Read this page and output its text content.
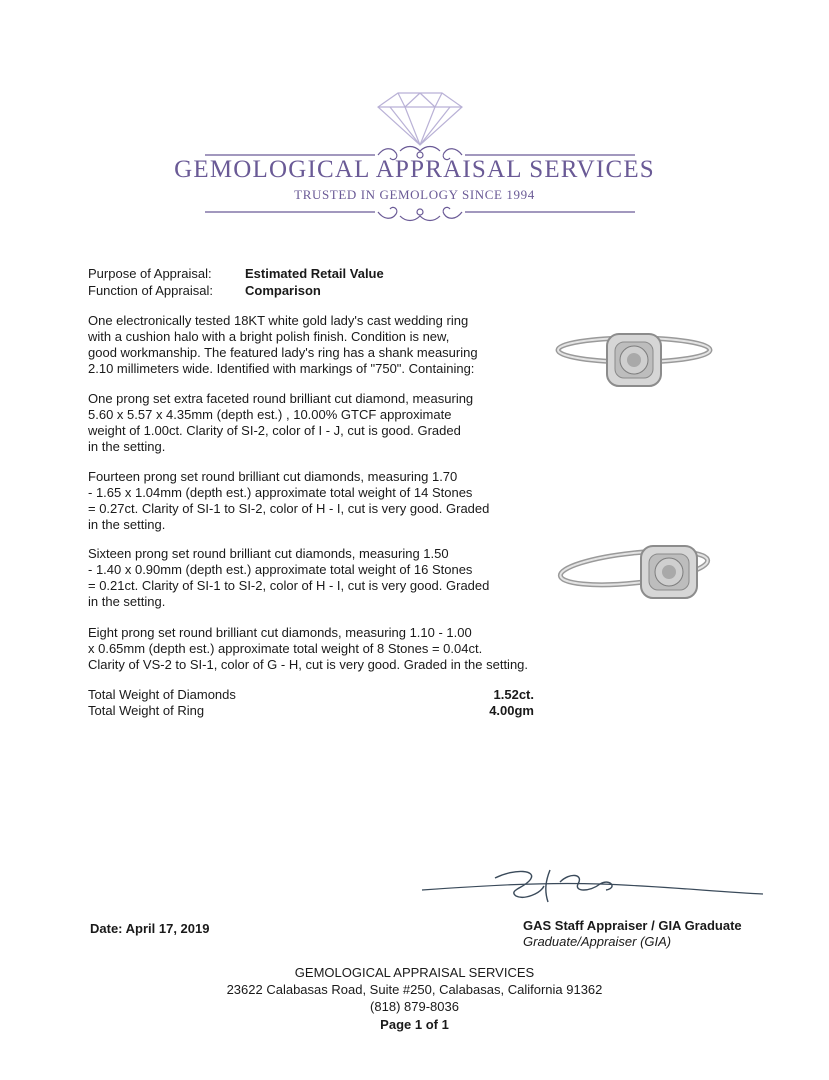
GEMOLOGICAL APPRAISAL SERVICES
TRUSTED IN GEMOLOGY SINCE 1994
Purpose of Appraisal:	Estimated Retail Value
Function of Appraisal: Comparison

One electronically tested 18KT white gold lady's cast wedding ring
with a cushion halo with a bright polish finish. Condition is new,
good workmanship. The featured lady's ring has a shank measuring
2.10 millimeters wide. Identified with markings of "750". Containing:

One prong set extra faceted round brilliant cut diamond, measuring
5.60 x 5.57 x 4.35mm (depth est.) , 10.00% GTCF approximate
weight of 1.00ct. Clarity of SI-2, color of I - J, cut is good. Graded
in the setting.

Fourteen prong set round brilliant cut diamonds, measuring 1.70
- 1.65 x 1.04mm (depth est.) approximate total weight of 14 Stones
= 0.27ct. Clarity of SI-1 to SI-2, color of H - I, cut is very good. Graded
in the setting.

Sixteen prong set round brilliant cut diamonds, measuring 1.50
- 1.40 x 0.90mm (depth est.) approximate total weight of 16 Stones
= 0.21ct. Clarity of SI-1 to SI-2, color of H - I, cut is very good. Graded
in the setting.

Eight prong set round brilliant cut diamonds, measuring 1.10 - 1.00
x 0.65mm (depth est.) approximate total weight of 8 Stones = 0.04ct.
Clarity of VS-2 to SI-1, color of G - H, cut is very good. Graded in the setting.

Total Weight of Diamonds	1.52ct.
Total Weight of Ring	4.00gm
Date: April 17, 2019	GAS Staff Appraiser / GIA Graduate
Graduate/Appraiser (GIA)
GEMOLOGICAL APPRAISAL SERVICES
23622 Calabasas Road, Suite #250, Calabasas, California 91362
(818) 879-8036
Page 1 of 1
